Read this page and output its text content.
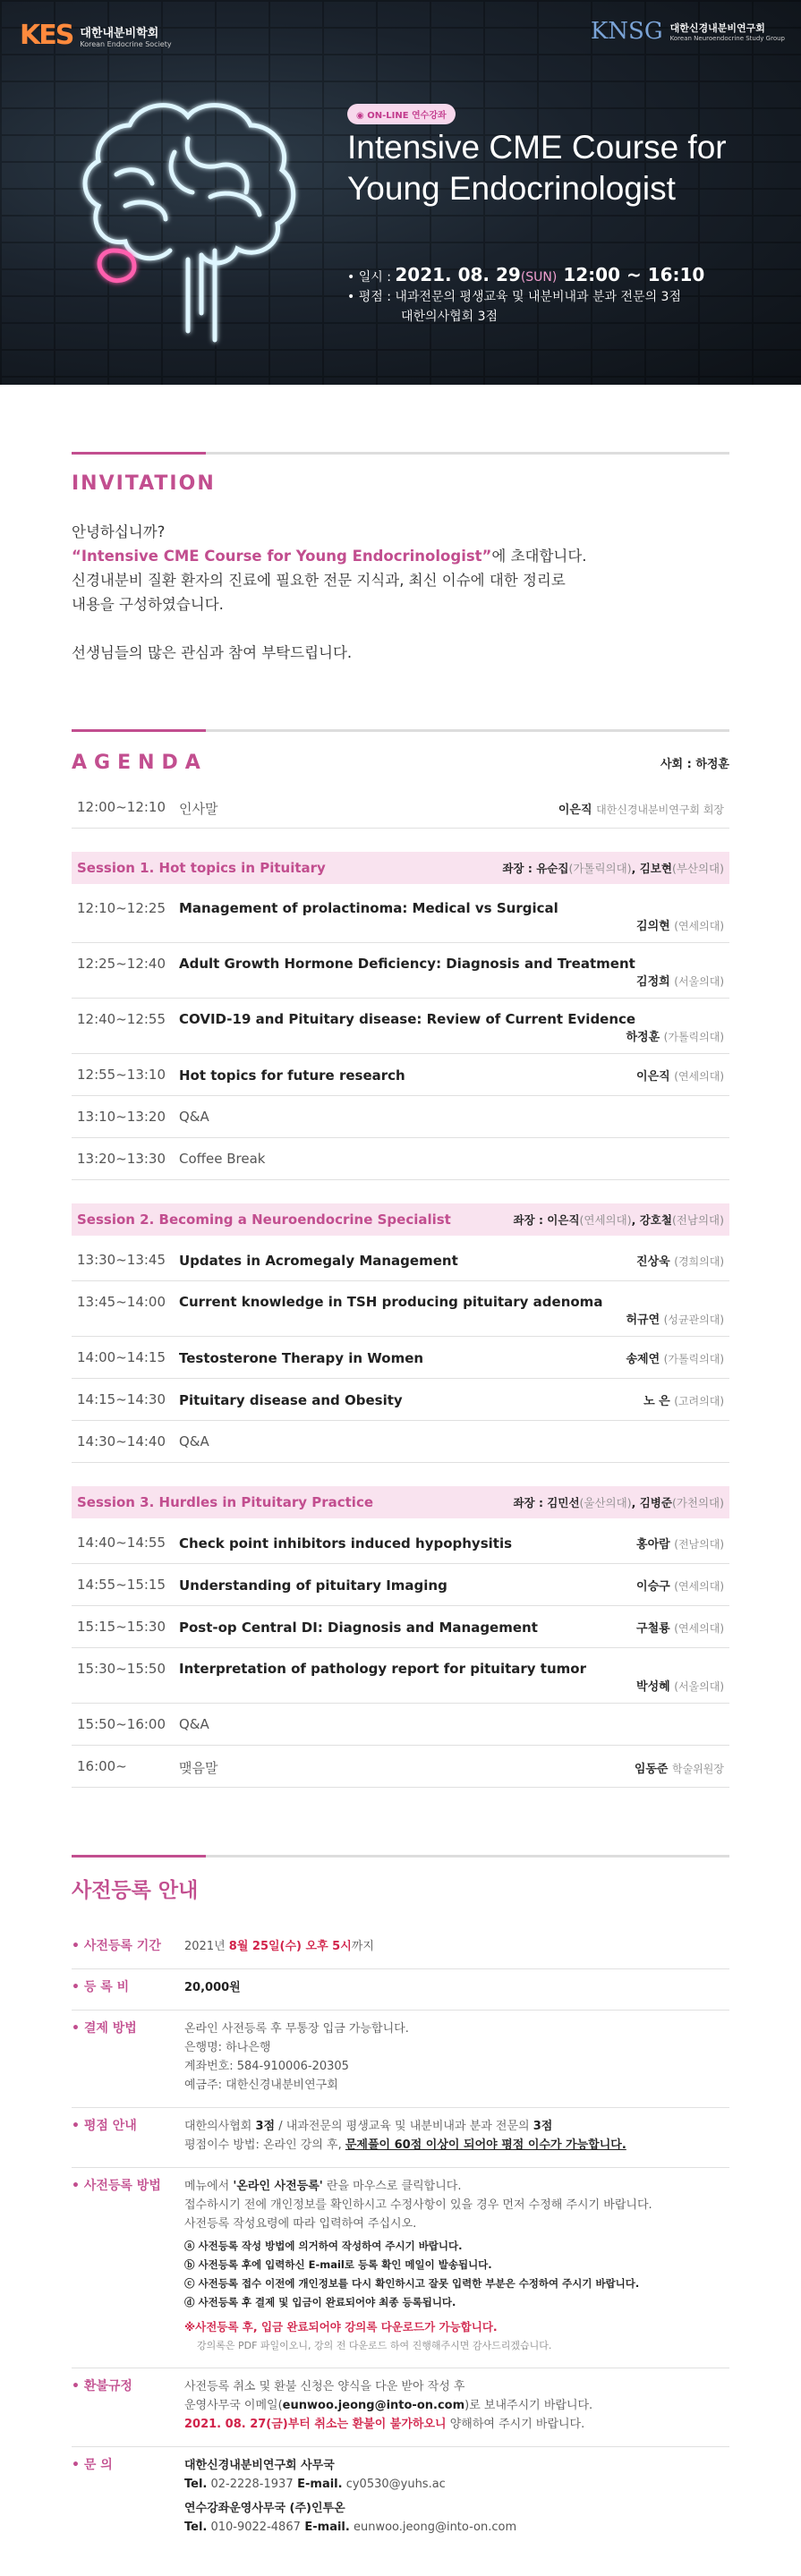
KES 대한내분비학회
Korean Endocrine Society	KNSG 대한신경내분비연구회
Korean Neuroendocrine Study Group
◉ ON-LINE 연수강좌
Intensive CME Course for
Young Endocrinologist
• 일시 : 2021. 08. 29(SUN) 12:00 ~ 16:10
• 평점 : 내과전문의 평생교육 및 내분비내과 분과 전문의 3점
대한의사협회 3점
INVITATION

안녕하십니까?

“Intensive CME Course for Young Endocrinologist”에 초대합니다.

신경내분비 질환 환자의 진료에 필요한 전문 지식과, 최신 이슈에 대한 정리로

내용을 구성하였습니다.

선생님들의 많은 관심과 참여 부탁드립니다.

AGENDA	사회 : 하정훈
12:00~12:10 인사말	이은직 대한신경내분비연구회 회장
Session 1. Hot topics in Pituitary	좌장 : 유순집(가톨릭의대), 김보현(부산의대)
12:10~12:25 Management of prolactinoma: Medical vs Surgical
김의현 (연세의대)
12:25~12:40 Adult Growth Hormone Deficiency: Diagnosis and Treatment
김정희 (서울의대)
12:40~12:55 COVID-19 and Pituitary disease: Review of Current Evidence
하정훈 (가톨릭의대)
12:55~13:10 Hot topics for future research	이은직 (연세의대)
13:10~13:20 Q&A
13:20~13:30 Coffee Break
Session 2. Becoming a Neuroendocrine Specialist	좌장 : 이은직(연세의대), 강호철(전남의대)
13:30~13:45 Updates in Acromegaly Management	진상욱 (경희의대)
13:45~14:00 Current knowledge in TSH producing pituitary adenoma
허규연 (성균관의대)
14:00~14:15 Testosterone Therapy in Women	송제연 (가톨릭의대)
14:15~14:30 Pituitary disease and Obesity	노 은 (고려의대)
14:30~14:40 Q&A
Session 3. Hurdles in Pituitary Practice	좌장 : 김민선(울산의대), 김병준(가천의대)
14:40~14:55 Check point inhibitors induced hypophysitis	홍아람 (전남의대)
14:55~15:15 Understanding of pituitary Imaging	이승구 (연세의대)
15:15~15:30 Post-op Central DI: Diagnosis and Management	구철룡 (연세의대)
15:30~15:50 Interpretation of pathology report for pituitary tumor
박성혜 (서울의대)
15:50~16:00 Q&A
16:00~	맺음말	임동준 학술위원장
사전등록 안내
• 사전등록 기간	2021년 8월 25일(수) 오후 5시까지
• 등 록 비	20,000원
• 결제 방법	온라인 사전등록 후 무통장 입금 가능합니다.
은행명: 하나은행
계좌번호: 584-910006-20305
예금주: 대한신경내분비연구회
• 평점 안내	대한의사협회 3점 / 내과전문의 평생교육 및 내분비내과 분과 전문의 3점
평점이수 방법: 온라인 강의 후, 문제풀이 60점 이상이 되어야 평점 이수가 가능합니다.
• 사전등록 방법	메뉴에서 '온라인 사전등록' 란을 마우스로 클릭합니다.
접수하시기 전에 개인정보를 확인하시고 수정사항이 있을 경우 먼저 수정해 주시기 바랍니다.
사전등록 작성요령에 따라 입력하여 주십시오.
ⓐ 사전등록 작성 방법에 의거하여 작성하여 주시기 바랍니다.
ⓑ 사전등록 후에 입력하신 E-mail로 등록 확인 메일이 발송됩니다.
ⓒ 사전등록 접수 이전에 개인정보를 다시 확인하시고 잘못 입력한 부분은 수정하여 주시기 바랍니다.
ⓓ 사전등록 후 결제 및 입금이 완료되어야 최종 등록됩니다.
※사전등록 후, 입금 완료되어야 강의록 다운로드가 가능합니다.
강의록은 PDF 파일이오니, 강의 전 다운로드 하여 진행해주시면 감사드리겠습니다.
• 환불규정	사전등록 취소 및 환불 신청은 양식을 다운 받아 작성 후
운영사무국 이메일(eunwoo.jeong@into-on.com)로 보내주시기 바랍니다.
2021. 08. 27(금)부터 취소는 환불이 불가하오니 양해하여 주시기 바랍니다.
• 문 의	대한신경내분비연구회 사무국
Tel. 02-2228-1937 E-mail. cy0530@yuhs.ac
연수강좌운영사무국 (주)인투온
Tel. 010-9022-4867 E-mail. eunwoo.jeong@into-on.com
